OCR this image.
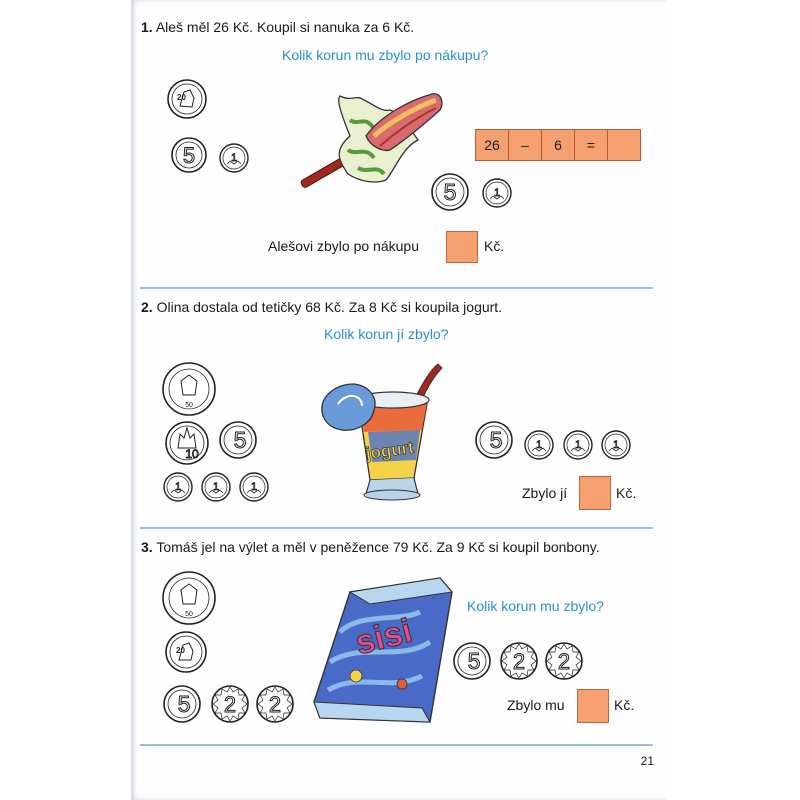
1. Aleš měl 26 Kč. Koupil si nanuka za 6 Kč.
Kolik korun mu zbylo po nákupu?
20
5	1
26	–	6	=
5	1
Alešovi zbylo po nákupu	Kč.
2. Olina dostala od tetičky 68 Kč. Za 8 Kč si koupila jogurt.
Kolik korun jí zbylo?
50
10
5
1	1	1
jogurt	5	1	1	1
Zbylo jí	Kč.
3. Tomáš jel na výlet a měl v peněžence 79 Kč. Za 9 Kč si koupil bonbony.
50
20
5 2 2
sisi
Kolik korun mu zbylo?
5 2 2
Zbylo mu	Kč.
21
